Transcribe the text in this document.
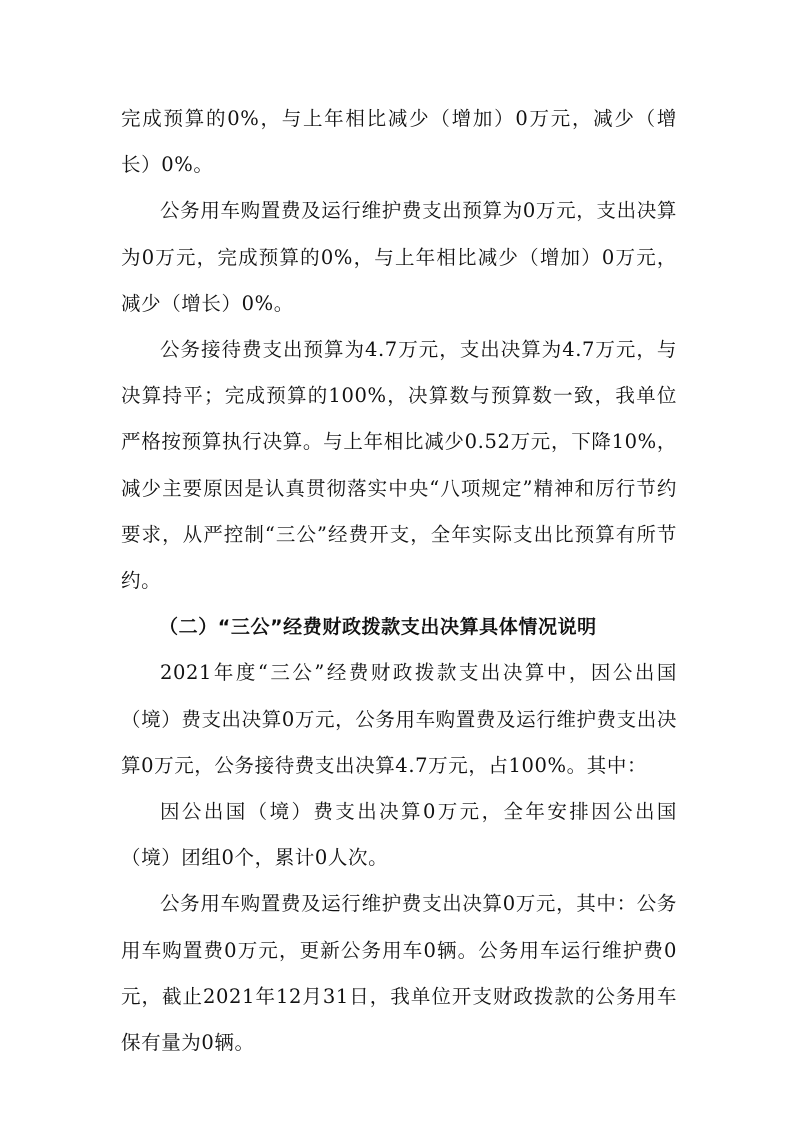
完成预算的0%，与上年相比减少（增加）0万元，减少（增长）0%。

公务用车购置费及运行维护费支出预算为0万元，支出决算为0万元，完成预算的0%，与上年相比减少（增加）0万元，减少（增长）0%。

公务接待费支出预算为4.7万元，支出决算为4.7万元，与决算持平；完成预算的100%，决算数与预算数一致，我单位严格按预算执行决算。与上年相比减少0.52万元，下降10%，减少主要原因是认真贯彻落实中央“八项规定”精神和厉行节约要求，从严控制“三公”经费开支，全年实际支出比预算有所节约。

（二）“三公”经费财政拨款支出决算具体情况说明

2021年度“三公”经费财政拨款支出决算中，因公出国（境）费支出决算0万元，公务用车购置费及运行维护费支出决算0万元，公务接待费支出决算4.7万元，占100%。其中：

因公出国（境）费支出决算0万元，全年安排因公出国（境）团组0个，累计0人次。

公务用车购置费及运行维护费支出决算0万元，其中：公务用车购置费0万元，更新公务用车0辆。公务用车运行维护费0元，截止2021年12月31日，我单位开支财政拨款的公务用车保有量为0辆。
